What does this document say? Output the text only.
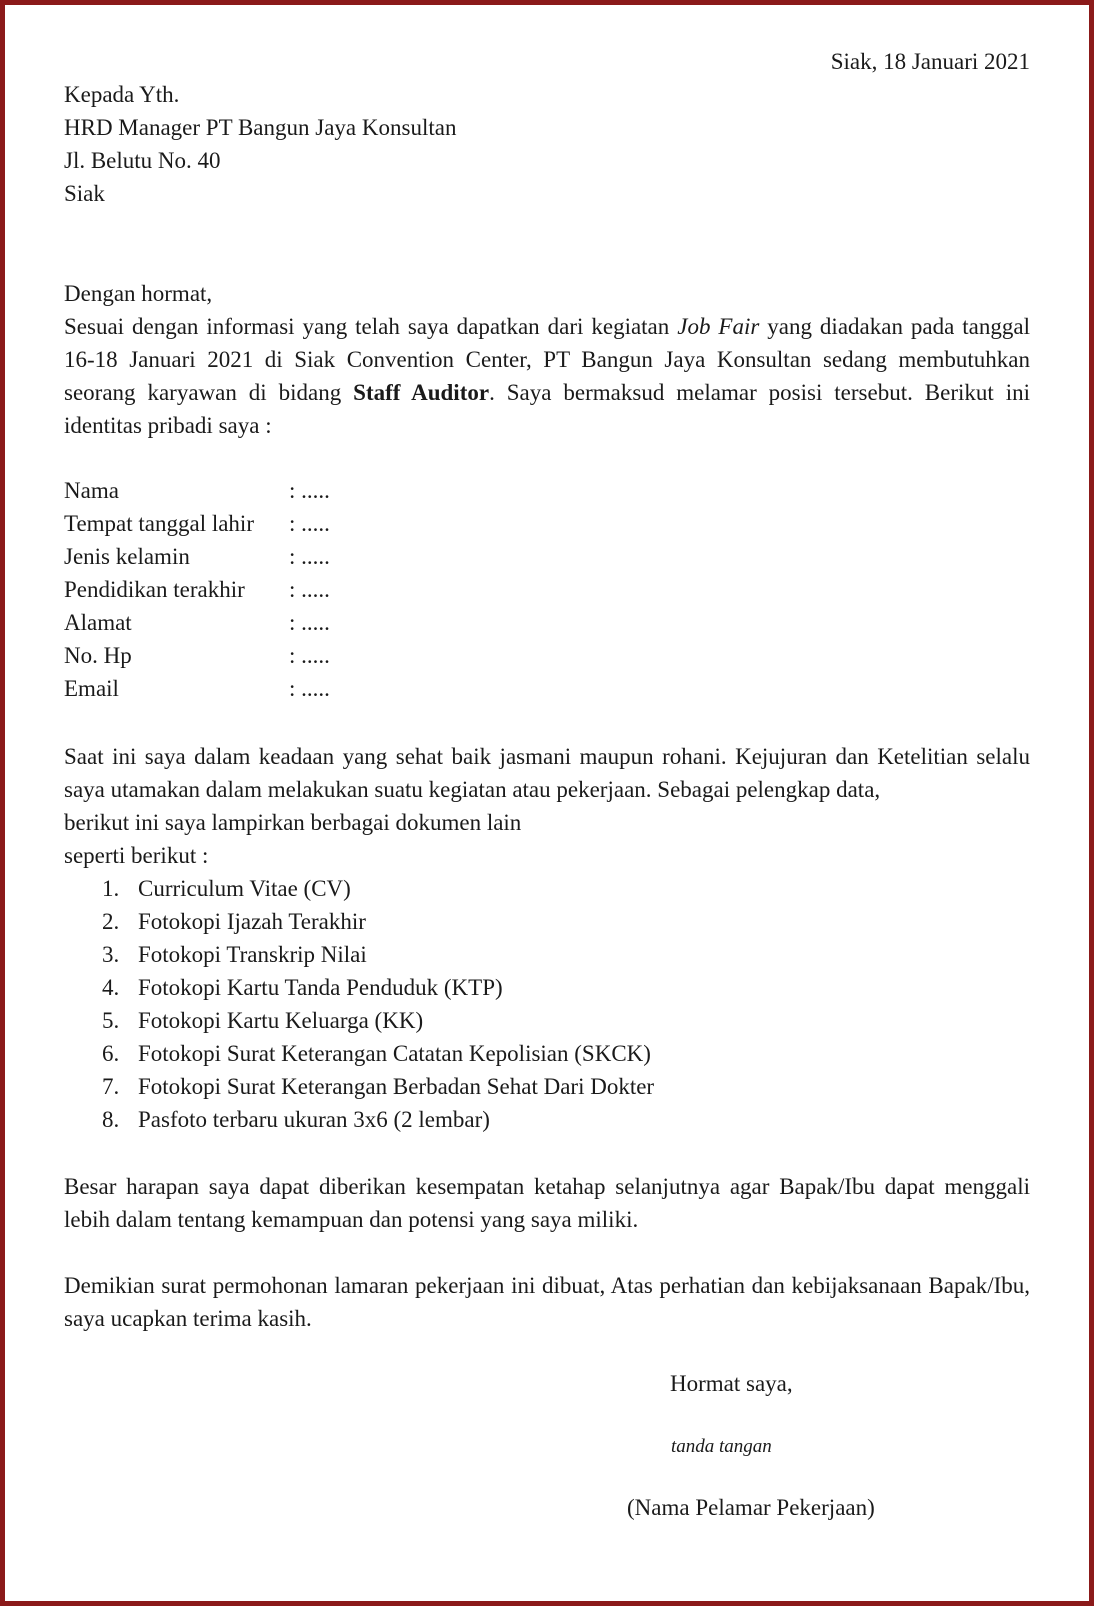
Siak, 18 Januari 2021
Kepada Yth.
HRD Manager PT Bangun Jaya Konsultan
Jl. Belutu No. 40
Siak
Dengan hormat,
Sesuai dengan informasi yang telah saya dapatkan dari kegiatan Job Fair yang diadakan pada tanggal 16-18 Januari 2021 di Siak Convention Center, PT Bangun Jaya Konsultan sedang membutuhkan seorang karyawan di bidang Staff Auditor. Saya bermaksud melamar posisi tersebut. Berikut ini identitas pribadi saya :
Nama	: .....
Tempat tanggal lahir	: .....
Jenis kelamin	: .....
Pendidikan terakhir	: .....
Alamat	: .....
No. Hp	: .....
Email	: .....
Saat ini saya dalam keadaan yang sehat baik jasmani maupun rohani. Kejujuran dan Ketelitian selalu saya utamakan dalam melakukan suatu kegiatan atau pekerjaan. Sebagai pelengkap data,
berikut ini saya lampirkan berbagai dokumen lain
seperti berikut :
1. Curriculum Vitae (CV)
2. Fotokopi Ijazah Terakhir
3. Fotokopi Transkrip Nilai
4. Fotokopi Kartu Tanda Penduduk (KTP)
5. Fotokopi Kartu Keluarga (KK)
6. Fotokopi Surat Keterangan Catatan Kepolisian (SKCK)
7. Fotokopi Surat Keterangan Berbadan Sehat Dari Dokter
8. Pasfoto terbaru ukuran 3x6 (2 lembar)
Besar harapan saya dapat diberikan kesempatan ketahap selanjutnya agar Bapak/Ibu dapat menggali lebih dalam tentang kemampuan dan potensi yang saya miliki.
Demikian surat permohonan lamaran pekerjaan ini dibuat, Atas perhatian dan kebijaksanaan Bapak/Ibu, saya ucapkan terima kasih.
Hormat saya,
tanda tangan
(Nama Pelamar Pekerjaan)
